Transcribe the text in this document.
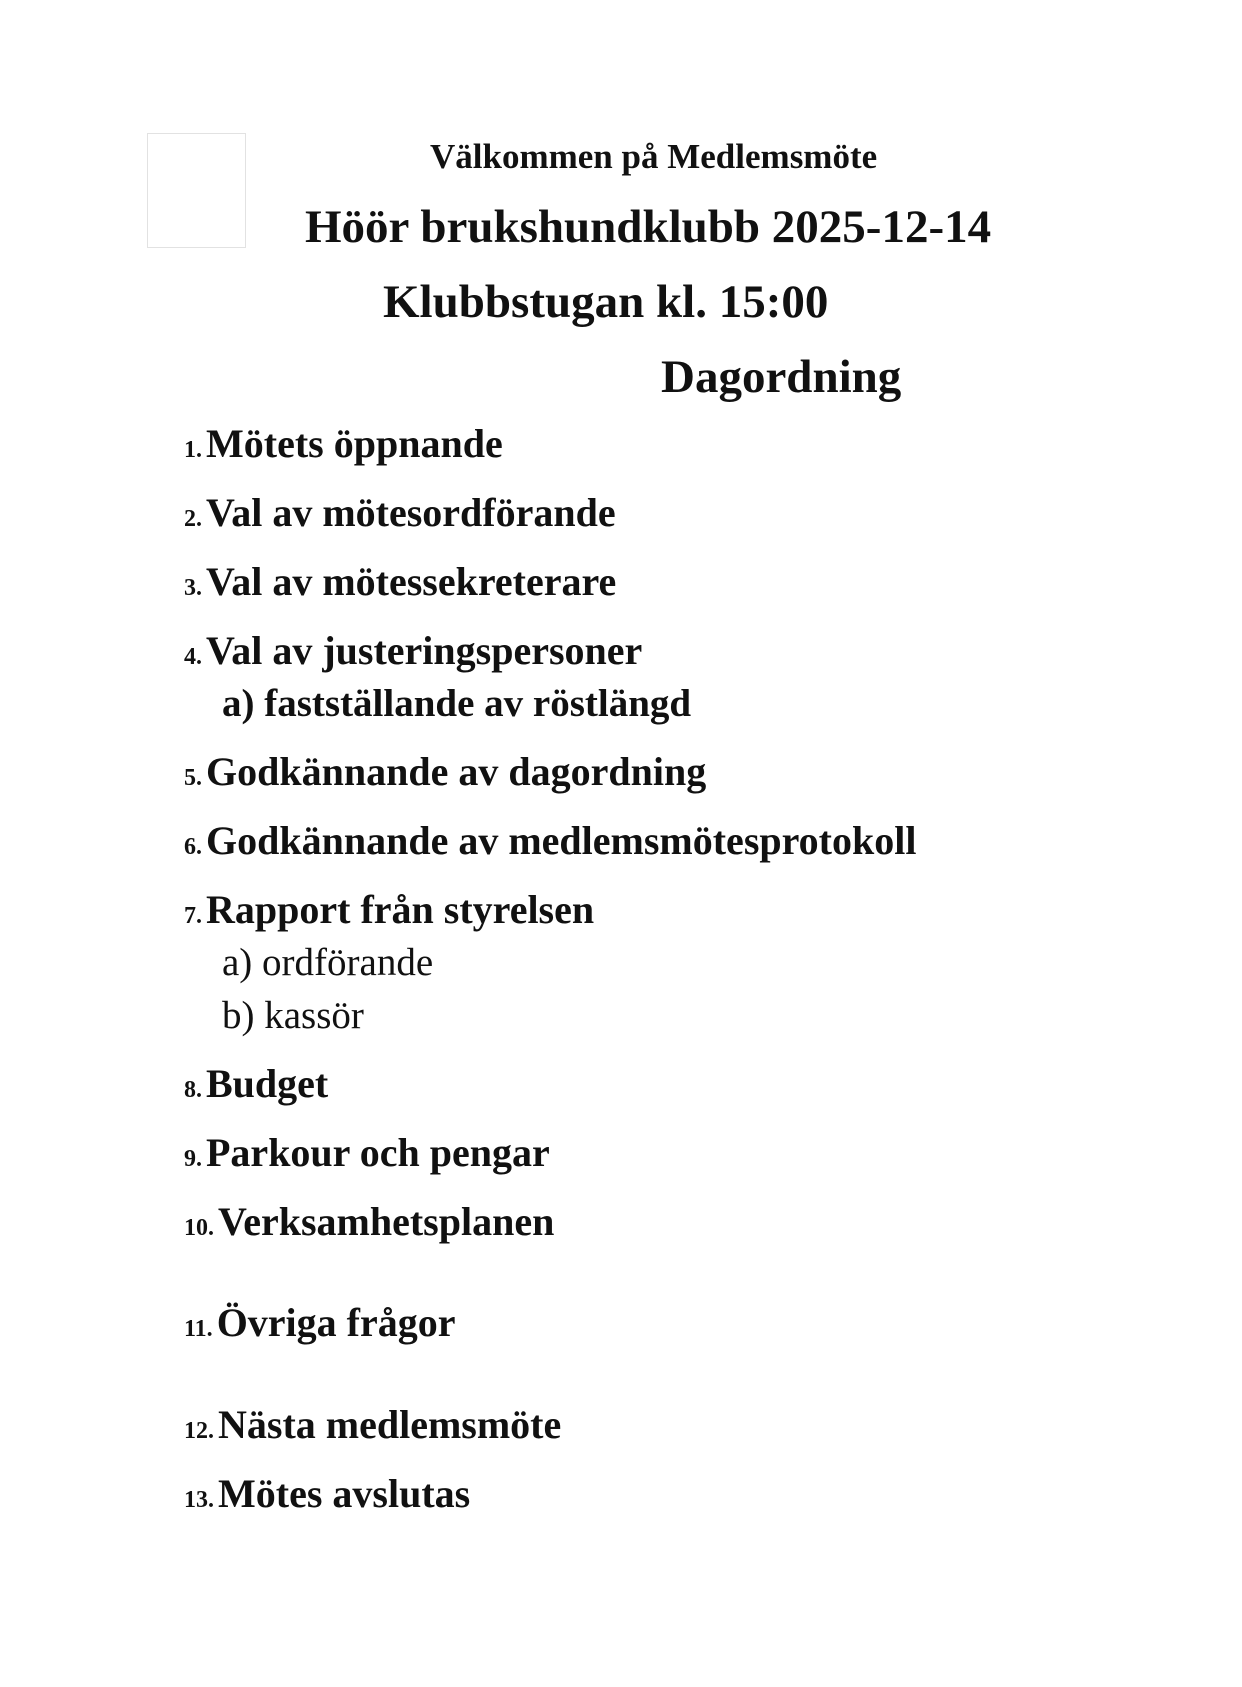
Välkommen på Medlemsmöte
Höör brukshundklubb 2025-12-14
Klubbstugan kl. 15:00
Dagordning
1. Mötets öppnande
2. Val av mötesordförande
3. Val av mötessekreterare
4. Val av justeringspersoner
a) fastställande av röstlängd
5. Godkännande av dagordning
6. Godkännande av medlemsmötesprotokoll
7. Rapport från styrelsen
a) ordförande
b) kassör
8. Budget
9. Parkour och pengar
10. Verksamhetsplanen
11. Övriga frågor
12. Nästa medlemsmöte
13. Mötes avslutas
